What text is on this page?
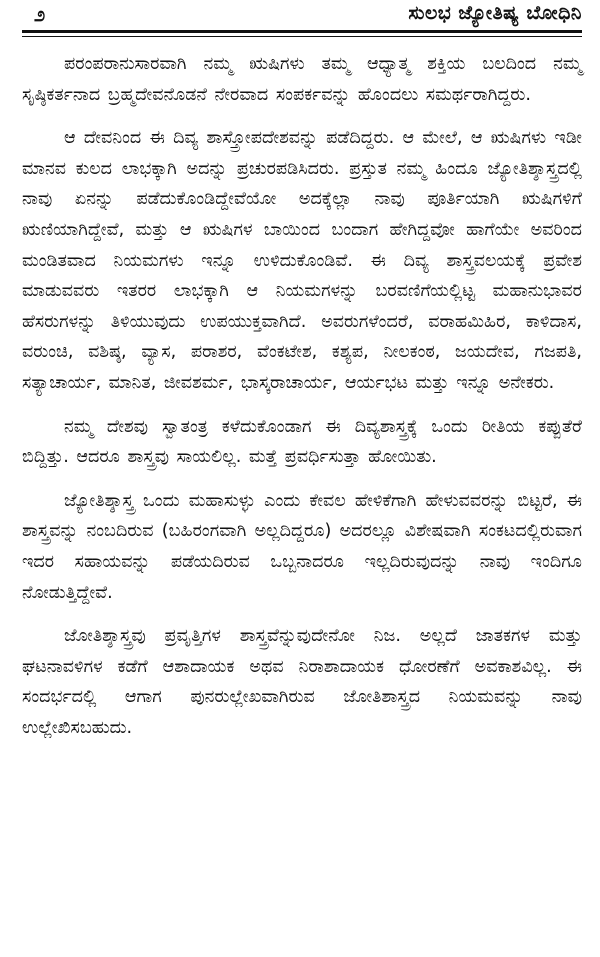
೨	ಸುಲಭ ಜ್ಯೋತಿಷ್ಯ ಬೋಧಿನಿ

ಪರಂಪರಾನುಸಾರವಾಗಿ ನಮ್ಮ ಋಷಿಗಳು ತಮ್ಮ ಆಧ್ಯಾತ್ಮ ಶಕ್ತಿಯ ಬಲದಿಂದ ನಮ್ಮ ಸೃಷ್ಠಿಕರ್ತನಾದ ಬ್ರಹ್ಮದೇವನೊಡನೆ ನೇರವಾದ ಸಂಪರ್ಕವನ್ನು ಹೊಂದಲು ಸಮರ್ಥರಾಗಿದ್ದರು.

ಆ ದೇವನಿಂದ ಈ ದಿವ್ಯ ಶಾಸ್ತ್ರೋಪದೇಶವನ್ನು ಪಡೆದಿದ್ದರು. ಆ ಮೇಲೆ, ಆ ಋಷಿಗಳು ಇಡೀ ಮಾನವ ಕುಲದ ಲಾಭಕ್ಕಾಗಿ ಅದನ್ನು ಪ್ರಚುರಪಡಿಸಿದರು. ಪ್ರಸ್ತುತ ನಮ್ಮ ಹಿಂದೂ ಜ್ಯೋತಿಶ್ಶಾಸ್ತ್ರದಲ್ಲಿ ನಾವು ಏನನ್ನು ಪಡೆದುಕೊಂಡಿದ್ದೇವೆಯೋ ಅದಕ್ಕೆಲ್ಲಾ ನಾವು ಪೂರ್ತಿಯಾಗಿ ಋಷಿಗಳಿಗೆ ಋಣಿಯಾಗಿದ್ದೇವೆ, ಮತ್ತು ಆ ಋಷಿಗಳ ಬಾಯಿಂದ ಬಂದಾಗ ಹೇಗಿದ್ದವೋ ಹಾಗೆಯೇ ಅವರಿಂದ ಮಂಡಿತವಾದ ನಿಯಮಗಳು ಇನ್ನೂ ಉಳಿದುಕೊಂಡಿವೆ. ಈ ದಿವ್ಯ ಶಾಸ್ತ್ರವಲಯಕ್ಕೆ ಪ್ರವೇಶ ಮಾಡುವವರು ಇತರರ ಲಾಭಕ್ಕಾಗಿ ಆ ನಿಯಮಗಳನ್ನು ಬರವಣಿಗೆಯಲ್ಲಿಟ್ಟ ಮಹಾನುಭಾವರ ಹೆಸರುಗಳನ್ನು ತಿಳಿಯುವುದು ಉಪಯುಕ್ತವಾಗಿದೆ. ಅವರುಗಳೆಂದರೆ, ವರಾಹಮಿಹಿರ, ಕಾಳಿದಾಸ, ವರುಂಚಿ, ವಶಿಷ್ಠ, ವ್ಯಾಸ, ಪರಾಶರ, ವೆಂಕಟೇಶ, ಕಶ್ಯಪ, ನೀಲಕಂಠ, ಜಯದೇವ, ಗಜಪತಿ, ಸತ್ಯಾಚಾರ್ಯ, ಮಾನಿತ, ಜೀವಶರ್ಮ, ಭಾಸ್ಕರಾಚಾರ್ಯ, ಆರ್ಯಭಟ ಮತ್ತು ಇನ್ನೂ ಅನೇಕರು.

ನಮ್ಮ ದೇಶವು ಸ್ವಾತಂತ್ರ ಕಳೆದುಕೊಂಡಾಗ ಈ ದಿವ್ಯಶಾಸ್ತ್ರಕ್ಕೆ ಒಂದು ರೀತಿಯ ಕಪ್ಪುತೆರೆ ಬಿದ್ದಿತ್ತು. ಆದರೂ ಶಾಸ್ತ್ರವು ಸಾಯಲಿಲ್ಲ. ಮತ್ತೆ ಪ್ರವರ್ಧಿಸುತ್ತಾ ಹೋಯಿತು.

ಜ್ಯೋತಿಶ್ಶಾಸ್ತ್ರ ಒಂದು ಮಹಾಸುಳ್ಳು ಎಂದು ಕೇವಲ ಹೇಳಿಕೆಗಾಗಿ ಹೇಳುವವರನ್ನು ಬಿಟ್ಟರೆ, ಈ ಶಾಸ್ತ್ರವನ್ನು ನಂಬದಿರುವ (ಬಹಿರಂಗವಾಗಿ ಅಲ್ಲದಿದ್ದರೂ) ಅದರಲ್ಲೂ ವಿಶೇಷವಾಗಿ ಸಂಕಟದಲ್ಲಿರುವಾಗ ಇದರ ಸಹಾಯವನ್ನು ಪಡೆಯದಿರುವ ಒಬ್ಬನಾದರೂ ಇಲ್ಲದಿರುವುದನ್ನು ನಾವು ಇಂದಿಗೂ ನೋಡುತ್ತಿದ್ದೇವೆ.

ಜೋತಿಶ್ಶಾಸ್ತ್ರವು ಪ್ರವೃತ್ತಿಗಳ ಶಾಸ್ತ್ರವೆನ್ನುವುದೇನೋ ನಿಜ. ಅಲ್ಲದೆ ಜಾತಕಗಳ ಮತ್ತು ಘಟನಾವಳಿಗಳ ಕಡೆಗೆ ಆಶಾದಾಯಕ ಅಥವ ನಿರಾಶಾದಾಯಕ ಧೋರಣೆಗೆ ಅವಕಾಶವಿಲ್ಲ. ಈ ಸಂದರ್ಭದಲ್ಲಿ ಆಗಾಗ ಪುನರುಲ್ಲೇಖವಾಗಿರುವ ಜೋತಿಶಾಸ್ತ್ರದ ನಿಯಮವನ್ನು ನಾವು ಉಲ್ಲೇಖಿಸಬಹುದು.
